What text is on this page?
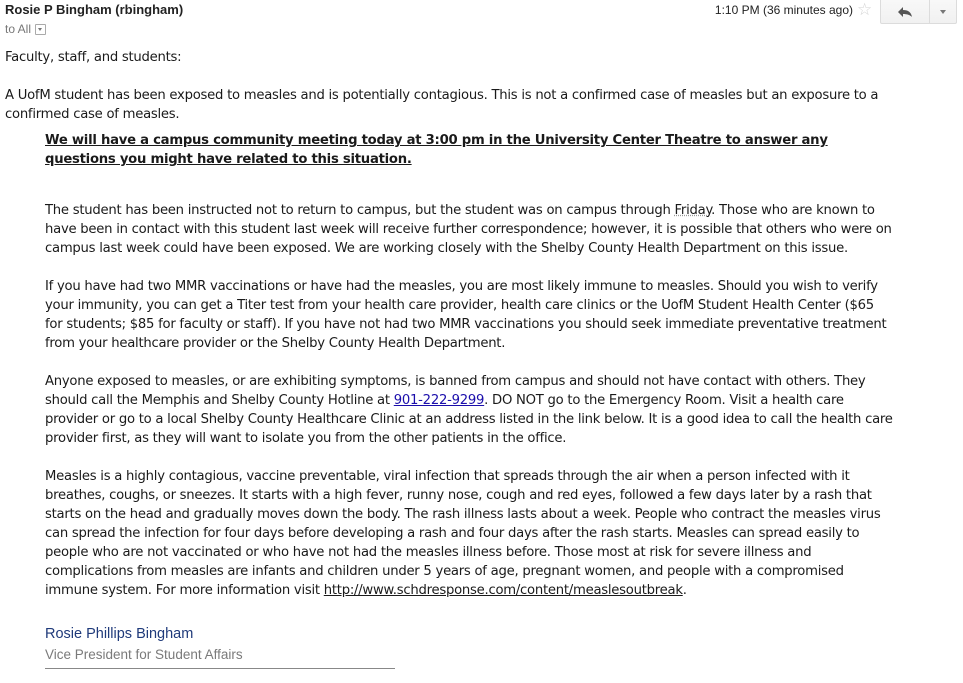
Rosie P Bingham (rbingham)
to All
1:10 PM (36 minutes ago) ☆

Faculty, staff, and students:

A UofM student has been exposed to measles and is potentially contagious. This is not a confirmed case of measles but an exposure to a confirmed case of measles.

We will have a campus community meeting today at 3:00 pm in the University Center Theatre to answer any questions you might have related to this situation.

The student has been instructed not to return to campus, but the student was on campus through Friday. Those who are known to have been in contact with this student last week will receive further correspondence; however, it is possible that others who were on campus last week could have been exposed. We are working closely with the Shelby County Health Department on this issue.

If you have had two MMR vaccinations or have had the measles, you are most likely immune to measles. Should you wish to verify your immunity, you can get a Titer test from your health care provider, health care clinics or the UofM Student Health Center ($65 for students; $85 for faculty or staff). If you have not had two MMR vaccinations you should seek immediate preventative treatment from your healthcare provider or the Shelby County Health Department.

Anyone exposed to measles, or are exhibiting symptoms, is banned from campus and should not have contact with others. They should call the Memphis and Shelby County Hotline at 901-222-9299. DO NOT go to the Emergency Room. Visit a health care provider or go to a local Shelby County Healthcare Clinic at an address listed in the link below. It is a good idea to call the health care provider first, as they will want to isolate you from the other patients in the office.

Measles is a highly contagious, vaccine preventable, viral infection that spreads through the air when a person infected with it breathes, coughs, or sneezes. It starts with a high fever, runny nose, cough and red eyes, followed a few days later by a rash that starts on the head and gradually moves down the body. The rash illness lasts about a week. People who contract the measles virus can spread the infection for four days before developing a rash and four days after the rash starts. Measles can spread easily to people who are not vaccinated or who have not had the measles illness before. Those most at risk for severe illness and complications from measles are infants and children under 5 years of age, pregnant women, and people with a compromised immune system. For more information visit http://www.schdresponse.com/content/measlesoutbreak.

Rosie Phillips Bingham
Vice President for Student Affairs
